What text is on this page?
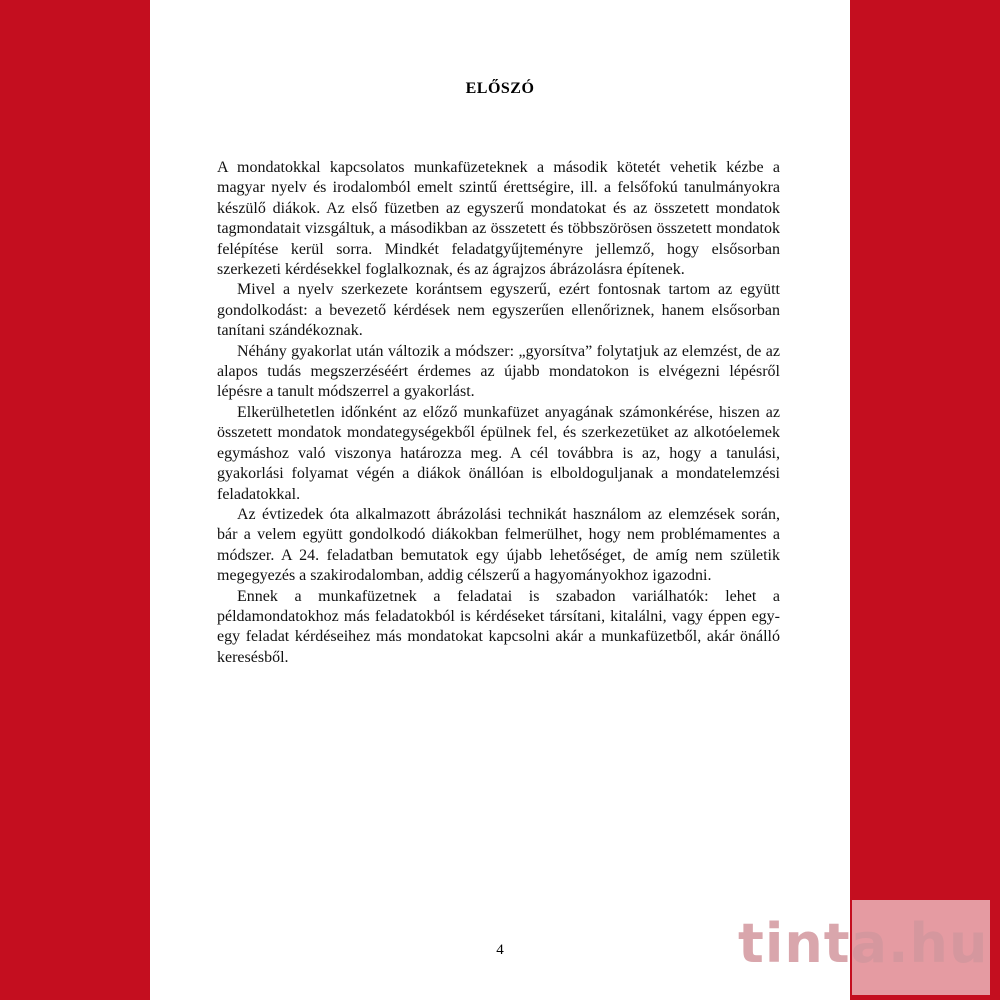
ELŐSZÓ

A mondatokkal kapcsolatos munkafüzeteknek a második kötetét vehetik kézbe a magyar nyelv és irodalomból emelt szintű érettségire, ill. a felsőfokú tanulmányokra készülő diákok. Az első füzetben az egyszerű mondatokat és az összetett mondatok tagmondatait vizsgáltuk, a másodikban az összetett és többszörösen összetett mondatok felépítése kerül sorra. Mindkét feladatgyűjteményre jellemző, hogy elsősorban szerkezeti kérdésekkel foglalkoznak, és az ágrajzos ábrázolásra építenek.

Mivel a nyelv szerkezete korántsem egyszerű, ezért fontosnak tartom az együtt gondolkodást: a bevezető kérdések nem egyszerűen ellenőriznek, hanem elsősorban tanítani szándékoznak.

Néhány gyakorlat után változik a módszer: „gyorsítva” folytatjuk az elemzést, de az alapos tudás megszerzéséért érdemes az újabb mondatokon is elvégezni lépésről lépésre a tanult módszerrel a gyakorlást.

Elkerülhetetlen időnként az előző munkafüzet anyagának számonkérése, hiszen az összetett mondatok mondategységekből épülnek fel, és szerkezetüket az alkotóelemek egymáshoz való viszonya határozza meg. A cél továbbra is az, hogy a tanulási, gyakorlási folyamat végén a diákok önállóan is elboldoguljanak a mondatelemzési feladatokkal.

Az évtizedek óta alkalmazott ábrázolási technikát használom az elemzések során, bár a velem együtt gondolkodó diákokban felmerülhet, hogy nem problémamentes a módszer. A 24. feladatban bemutatok egy újabb lehetőséget, de amíg nem születik megegyezés a szakirodalomban, addig célszerű a hagyományokhoz igazodni.

Ennek a munkafüzetnek a feladatai is szabadon variálhatók: lehet a példamondatokhoz más feladatokból is kérdéseket társítani, kitalálni, vagy éppen egy-egy feladat kérdéseihez más mondatokat kapcsolni akár a munkafüzetből, akár önálló keresésből.

4	tinta.hu
